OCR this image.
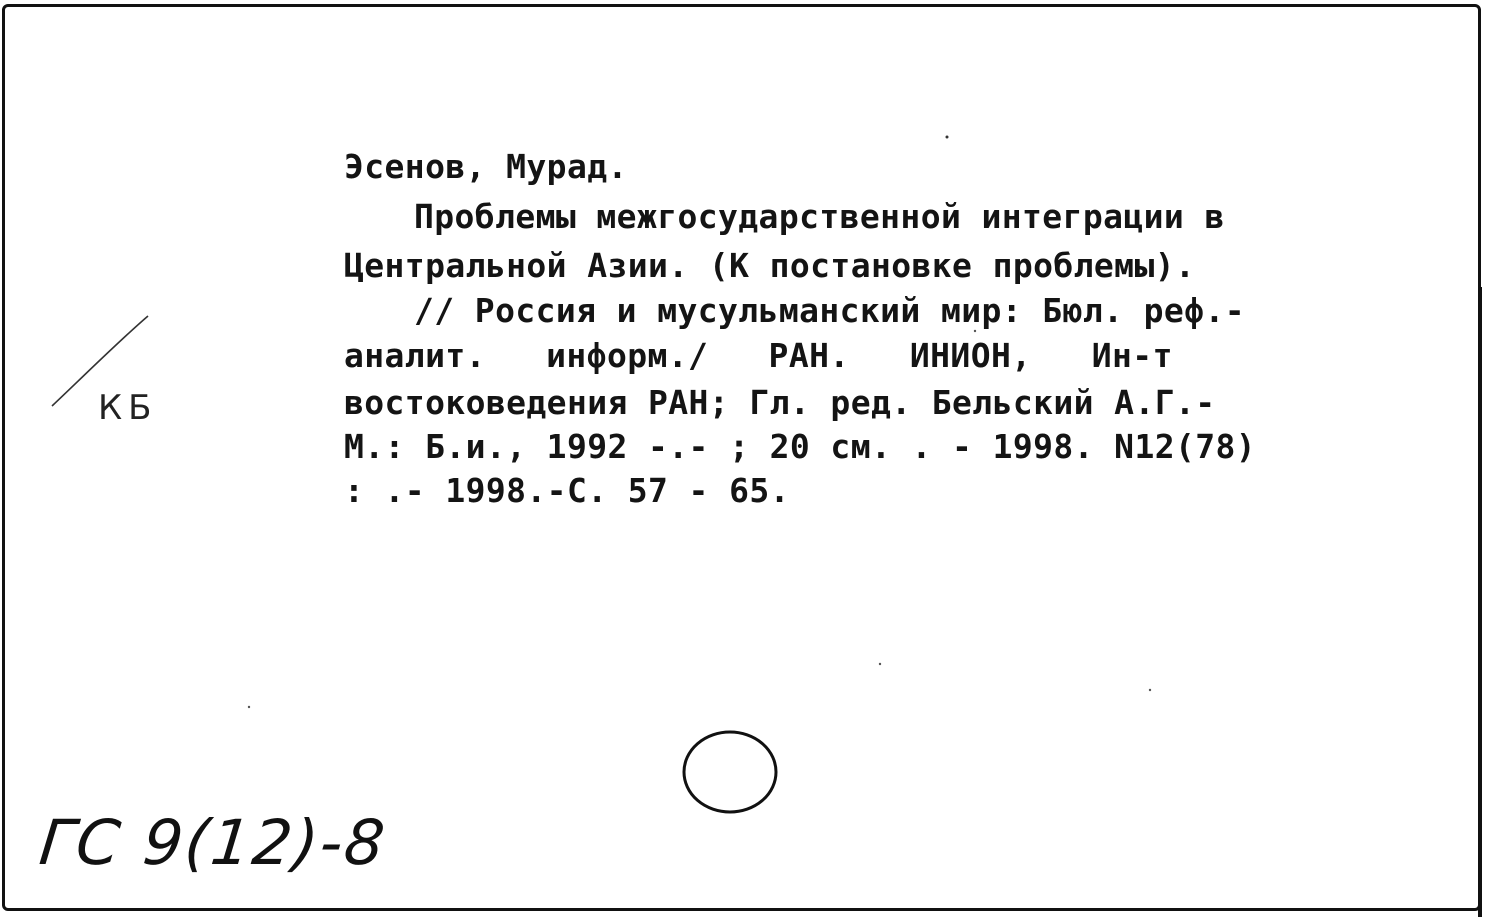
Эсенов, Мурад.

Проблемы межгосударственной интеграции в

Центральной Азии. (К постановке проблемы).

// Россия и мусульманский мир: Бюл. реф.-

аналит. информ./ РАН. ИНИОН, Ин-т

востоковедения РАН; Гл. ред. Бельский А.Г.-

М.: Б.и., 1992 -.- ; 20 см. . - 1998. N12(78)

: .- 1998.-С. 57 - 65.

КБ
ГС 9(12)-8
